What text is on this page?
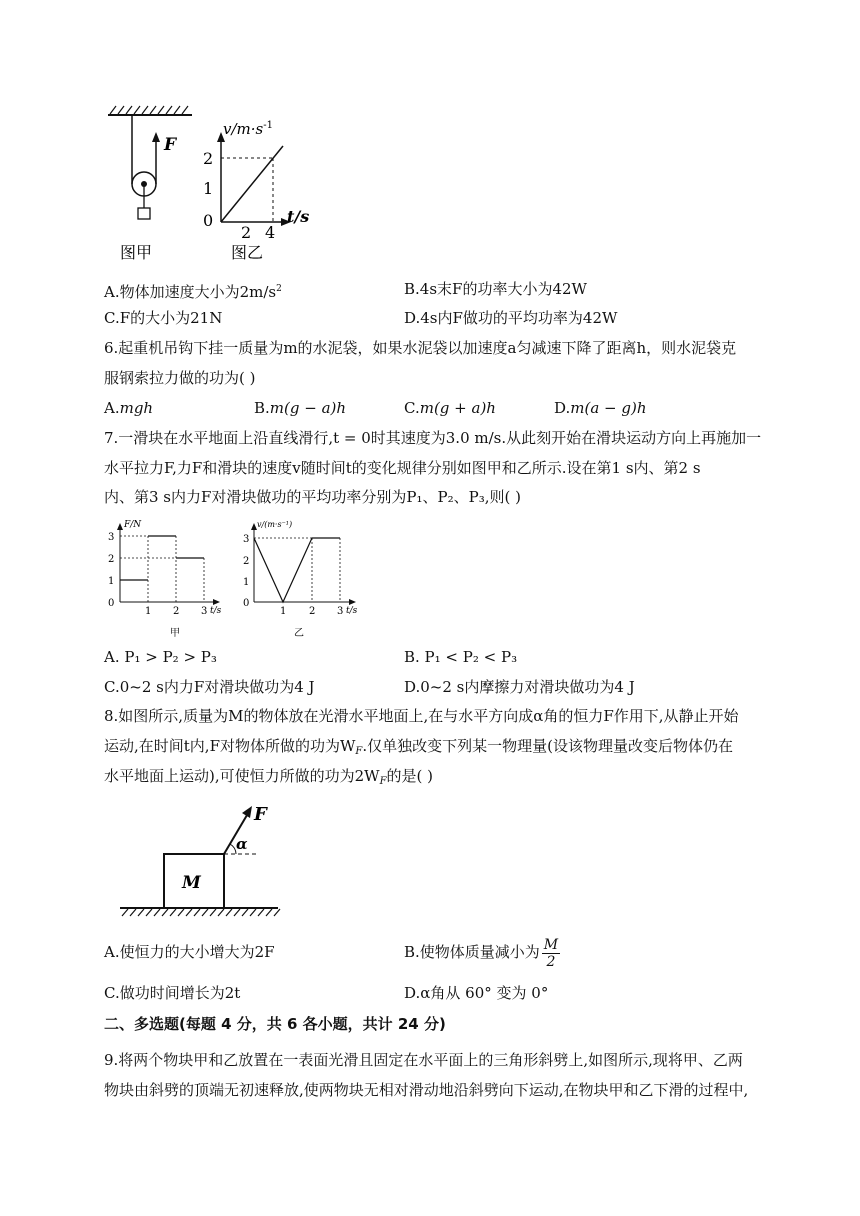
F
图甲
$v/m\cdot s^{-1}$
t/s
2
1
0
2 4
图乙
A.物体加速度大小为$2m/s^2$	B.4s末F的功率大小为42W
C.F的大小为21N	D.4s内F做功的平均功率为42W
6.起重机吊钩下挂一质量为m的水泥袋，如果水泥袋以加速度a匀减速下降了距离h，则水泥袋克
服钢索拉力做的功为( )
A.mgh	B.m(g − a)h	C.m(g + a)h	D.m(a − g)h
7.一滑块在水平地面上沿直线滑行,t = 0时其速度为3.0 m/s.从此刻开始在滑块运动方向上再施加一
水平拉力F,力F和滑块的速度v随时间t的变化规律分别如图甲和乙所示.设在第1 s内、第2 s
内、第3 s内力F对滑块做功的平均功率分别为P₁、P₂、P₃,则( )
F/N
3
2
1
0
1 2 3 t/s
甲
v/(m·s⁻¹)
3
2
1
0
1 2 3 t/s
乙
A. P₁ > P₂ > P₃	B. P₁ < P₂ < P₃
C.0~2 s内力F对滑块做功为4 J	D.0~2 s内摩擦力对滑块做功为4 J
8.如图所示,质量为M的物体放在光滑水平地面上,在与水平方向成α角的恒力F作用下,从静止开始
运动,在时间t内,F对物体所做的功为$W_F$.仅单独改变下列某一物理量(设该物理量改变后物体仍在
水平地面上运动),可使恒力所做的功为$2W_F$的是( )
F
α
M
A.使恒力的大小增大为2F	B.使物体质量减小为 $\frac{M}{2}$
C.做功时间增长为2t	D.α角从 60° 变为 0°
二、多选题(每题 4 分，共 6 各小题，共计 24 分)
9.将两个物块甲和乙放置在一表面光滑且固定在水平面上的三角形斜劈上,如图所示,现将甲、乙两
物块由斜劈的顶端无初速释放,使两物块无相对滑动地沿斜劈向下运动,在物块甲和乙下滑的过程中,
